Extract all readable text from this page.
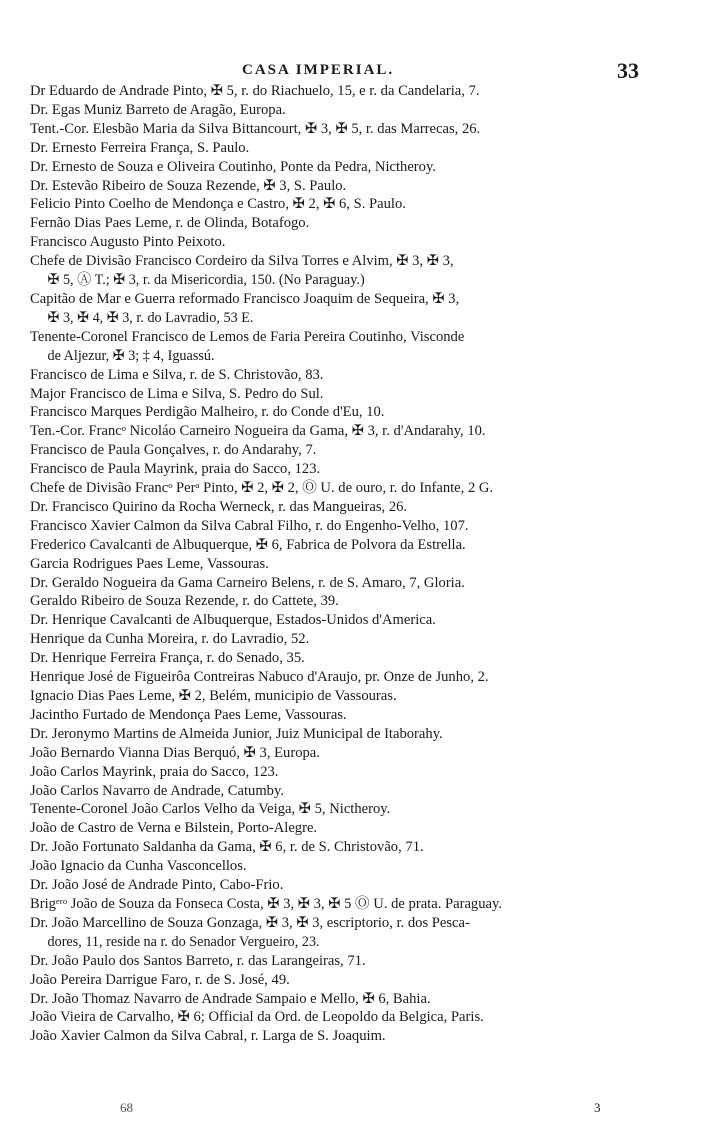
CASA IMPERIAL.	33
Dr Eduardo de Andrade Pinto, ✠ 5, r. do Riachuelo, 15, e r. da Candelaria, 7.
Dr. Egas Muniz Barreto de Aragão, Europa.
Tent.-Cor. Elesbão Maria da Silva Bittancourt, ✠ 3, ✠ 5, r. das Marrecas, 26.
Dr. Ernesto Ferreira França, S. Paulo.
Dr. Ernesto de Souza e Oliveira Coutinho, Ponte da Pedra, Nictheroy.
Dr. Estevão Ribeiro de Souza Rezende, ✠ 3, S. Paulo.
Felicio Pinto Coelho de Mendonça e Castro, ✠ 2, ✠ 6, S. Paulo.
Fernão Dias Paes Leme, r. de Olinda, Botafogo.
Francisco Augusto Pinto Peixoto.
Chefe de Divisão Francisco Cordeiro da Silva Torres e Alvim, ✠ 3, ✠ 3,
✠ 5, Ⓐ T.; ✠ 3, r. da Misericordia, 150. (No Paraguay.)
Capitão de Mar e Guerra reformado Francisco Joaquim de Sequeira, ✠ 3,
✠ 3, ✠ 4, ✠ 3, r. do Lavradio, 53 E.
Tenente-Coronel Francisco de Lemos de Faria Pereira Coutinho, Visconde
de Aljezur, ✠ 3; ‡ 4, Iguassú.
Francisco de Lima e Silva, r. de S. Christovão, 83.
Major Francisco de Lima e Silva, S. Pedro do Sul.
Francisco Marques Perdigão Malheiro, r. do Conde d'Eu, 10.
Ten.-Cor. Francᵒ Nicoláo Carneiro Nogueira da Gama, ✠ 3, r. d'Andarahy, 10.
Francisco de Paula Gonçalves, r. do Andarahy, 7.
Francisco de Paula Mayrink, praia do Sacco, 123.
Chefe de Divisão Francᵒ Perᵃ Pinto, ✠ 2, ✠ 2, Ⓞ U. de ouro, r. do Infante, 2 G.
Dr. Francisco Quirino da Rocha Werneck, r. das Mangueiras, 26.
Francisco Xavier Calmon da Silva Cabral Filho, r. do Engenho-Velho, 107.
Frederico Cavalcanti de Albuquerque, ✠ 6, Fabrica de Polvora da Estrella.
Garcia Rodrigues Paes Leme, Vassouras.
Dr. Geraldo Nogueira da Gama Carneiro Belens, r. de S. Amaro, 7, Gloria.
Geraldo Ribeiro de Souza Rezende, r. do Cattete, 39.
Dr. Henrique Cavalcanti de Albuquerque, Estados-Unidos d'America.
Henrique da Cunha Moreira, r. do Lavradio, 52.
Dr. Henrique Ferreira França, r. do Senado, 35.
Henrique José de Figueirôa Contreiras Nabuco d'Araujo, pr. Onze de Junho, 2.
Ignacio Dias Paes Leme, ✠ 2, Belém, municipio de Vassouras.
Jacintho Furtado de Mendonça Paes Leme, Vassouras.
Dr. Jeronymo Martins de Almeida Junior, Juiz Municipal de Itaborahy.
João Bernardo Vianna Dias Berquó, ✠ 3, Europa.
João Carlos Mayrink, praia do Sacco, 123.
João Carlos Navarro de Andrade, Catumby.
Tenente-Coronel João Carlos Velho da Veiga, ✠ 5, Nictheroy.
João de Castro de Verna e Bilstein, Porto-Alegre.
Dr. João Fortunato Saldanha da Gama, ✠ 6, r. de S. Christovão, 71.
João Ignacio da Cunha Vasconcellos.
Dr. João José de Andrade Pinto, Cabo-Frio.
Brigᵉʳᵒ João de Souza da Fonseca Costa, ✠ 3, ✠ 3, ✠ 5 Ⓞ U. de prata. Paraguay.
Dr. João Marcellino de Souza Gonzaga, ✠ 3, ✠ 3, escriptorio, r. dos Pesca-
dores, 11, reside na r. do Senador Vergueiro, 23.
Dr. João Paulo dos Santos Barreto, r. das Larangeiras, 71.
João Pereira Darrigue Faro, r. de S. José, 49.
Dr. João Thomaz Navarro de Andrade Sampaio e Mello, ✠ 6, Bahia.
João Vieira de Carvalho, ✠ 6; Official da Ord. de Leopoldo da Belgica, Paris.
João Xavier Calmon da Silva Cabral, r. Larga de S. Joaquim.
68	3
